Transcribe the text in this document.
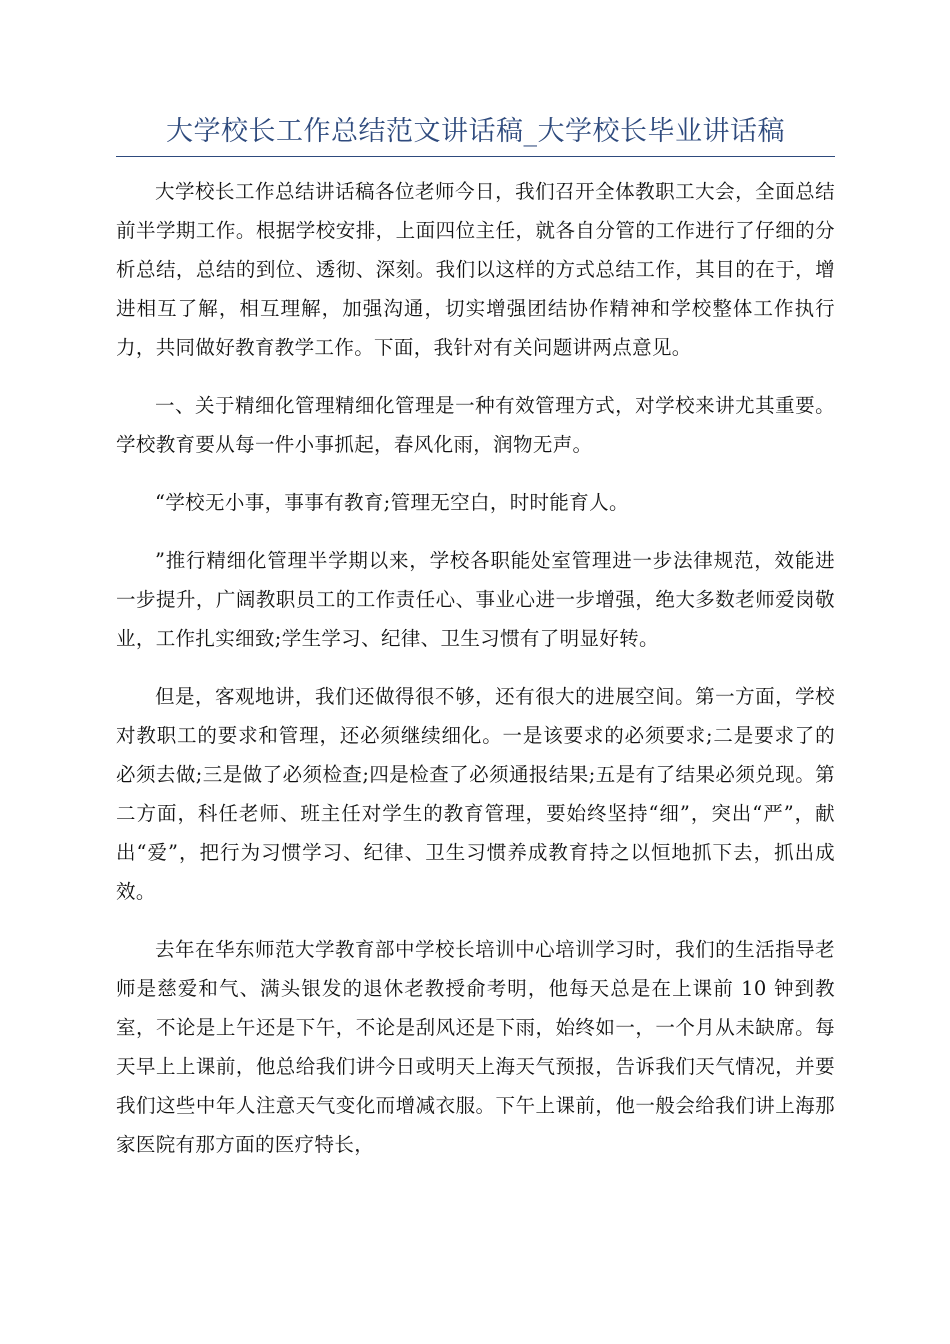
大学校长工作总结范文讲话稿_大学校长毕业讲话稿

大学校长工作总结讲话稿各位老师今日，我们召开全体教职工大会，全面总结前半学期工作。根据学校安排，上面四位主任，就各自分管的工作进行了仔细的分析总结，总结的到位、透彻、深刻。我们以这样的方式总结工作，其目的在于，增进相互了解，相互理解，加强沟通，切实增强团结协作精神和学校整体工作执行力，共同做好教育教学工作。下面，我针对有关问题讲两点意见。

一、关于精细化管理精细化管理是一种有效管理方式，对学校来讲尤其重要。学校教育要从每一件小事抓起，春风化雨，润物无声。

“学校无小事，事事有教育;管理无空白，时时能育人。

”推行精细化管理半学期以来，学校各职能处室管理进一步法律规范，效能进一步提升，广阔教职员工的工作责任心、事业心进一步增强，绝大多数老师爱岗敬业，工作扎实细致;学生学习、纪律、卫生习惯有了明显好转。

但是，客观地讲，我们还做得很不够，还有很大的进展空间。第一方面，学校对教职工的要求和管理，还必须继续细化。一是该要求的必须要求;二是要求了的必须去做;三是做了必须检查;四是检查了必须通报结果;五是有了结果必须兑现。第二方面，科任老师、班主任对学生的教育管理，要始终坚持“细”，突出“严”，献出“爱”，把行为习惯学习、纪律、卫生习惯养成教育持之以恒地抓下去，抓出成效。

去年在华东师范大学教育部中学校长培训中心培训学习时，我们的生活指导老师是慈爱和气、满头银发的退休老教授俞考明，他每天总是在上课前 10 钟到教室，不论是上午还是下午，不论是刮风还是下雨，始终如一，一个月从未缺席。每天早上上课前，他总给我们讲今日或明天上海天气预报，告诉我们天气情况，并要我们这些中年人注意天气变化而增减衣服。下午上课前，他一般会给我们讲上海那家医院有那方面的医疗特长，
